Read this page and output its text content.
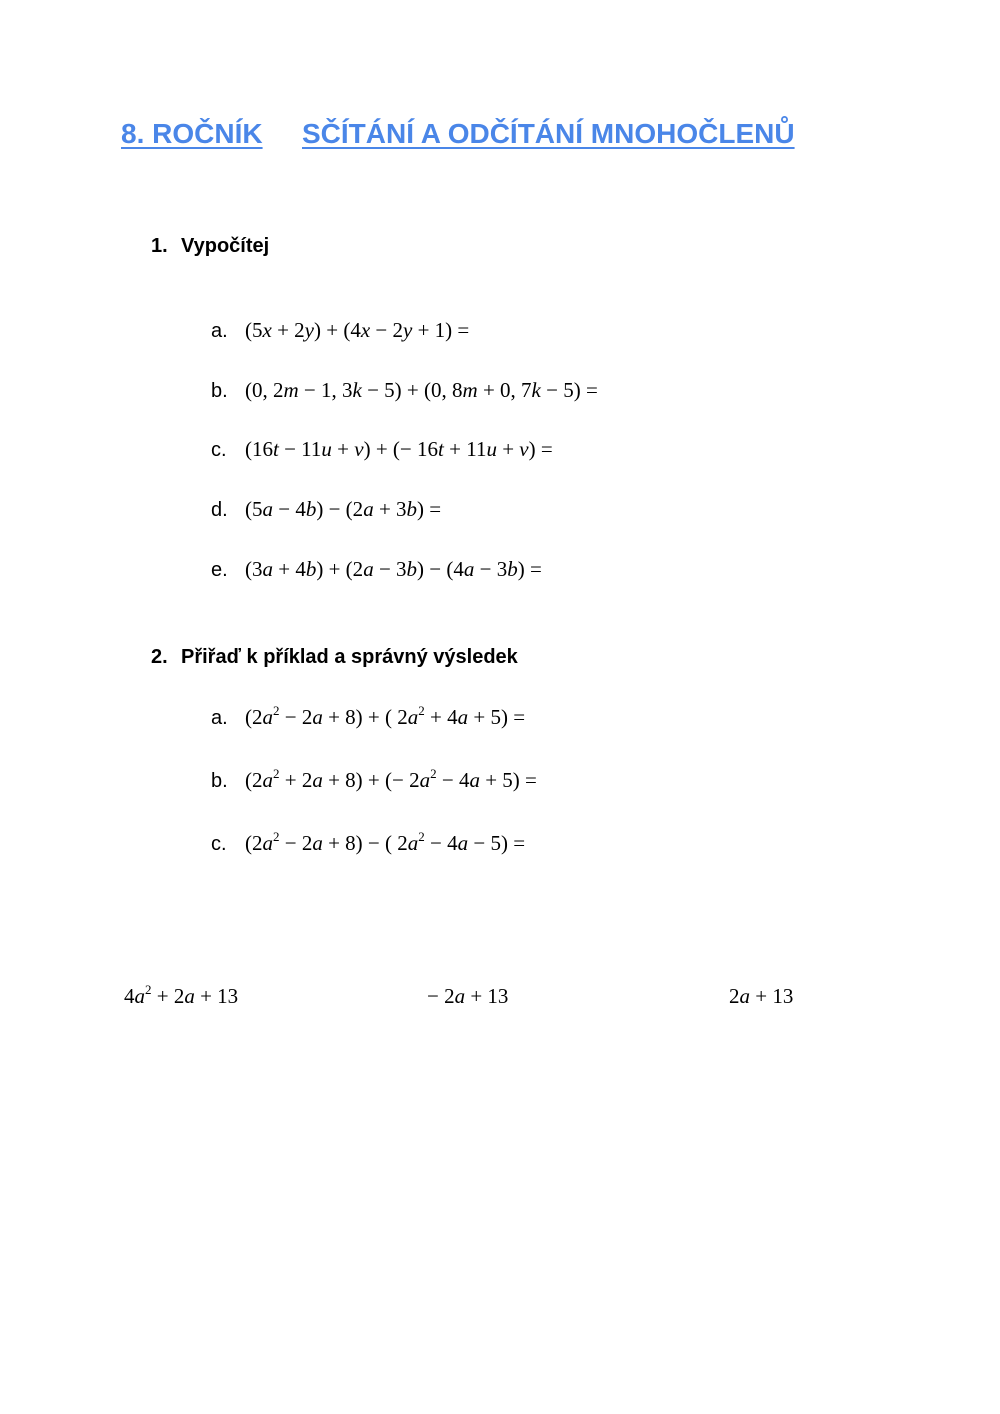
8. ROČNÍK SČÍTÁNÍ A ODČÍTÁNÍ MNOHOČLENŮ
1. Vypočítej
a. (5x + 2y) + (4x − 2y + 1) =
b. (0, 2m − 1, 3k − 5) + (0, 8m + 0, 7k − 5) =
c. (16t − 11u + v) + (− 16t + 11u + v) =
d. (5a − 4b) − (2a + 3b) =
e. (3a + 4b) + (2a − 3b) − (4a − 3b) =
2. Přiřaď k příklad a správný výsledek
a. $(2a^2 - 2a + 8)$ + ( $2a^2 + 4a + 5$) =
b. $(2a^2 + 2a + 8)$ + (− $2a^2 - 4a + 5$) =
c. $(2a^2 - 2a + 8)$ − ( $2a^2 - 4a - 5$) =
$4a^2 + 2a + 13$	− 2a + 13	2a + 13
